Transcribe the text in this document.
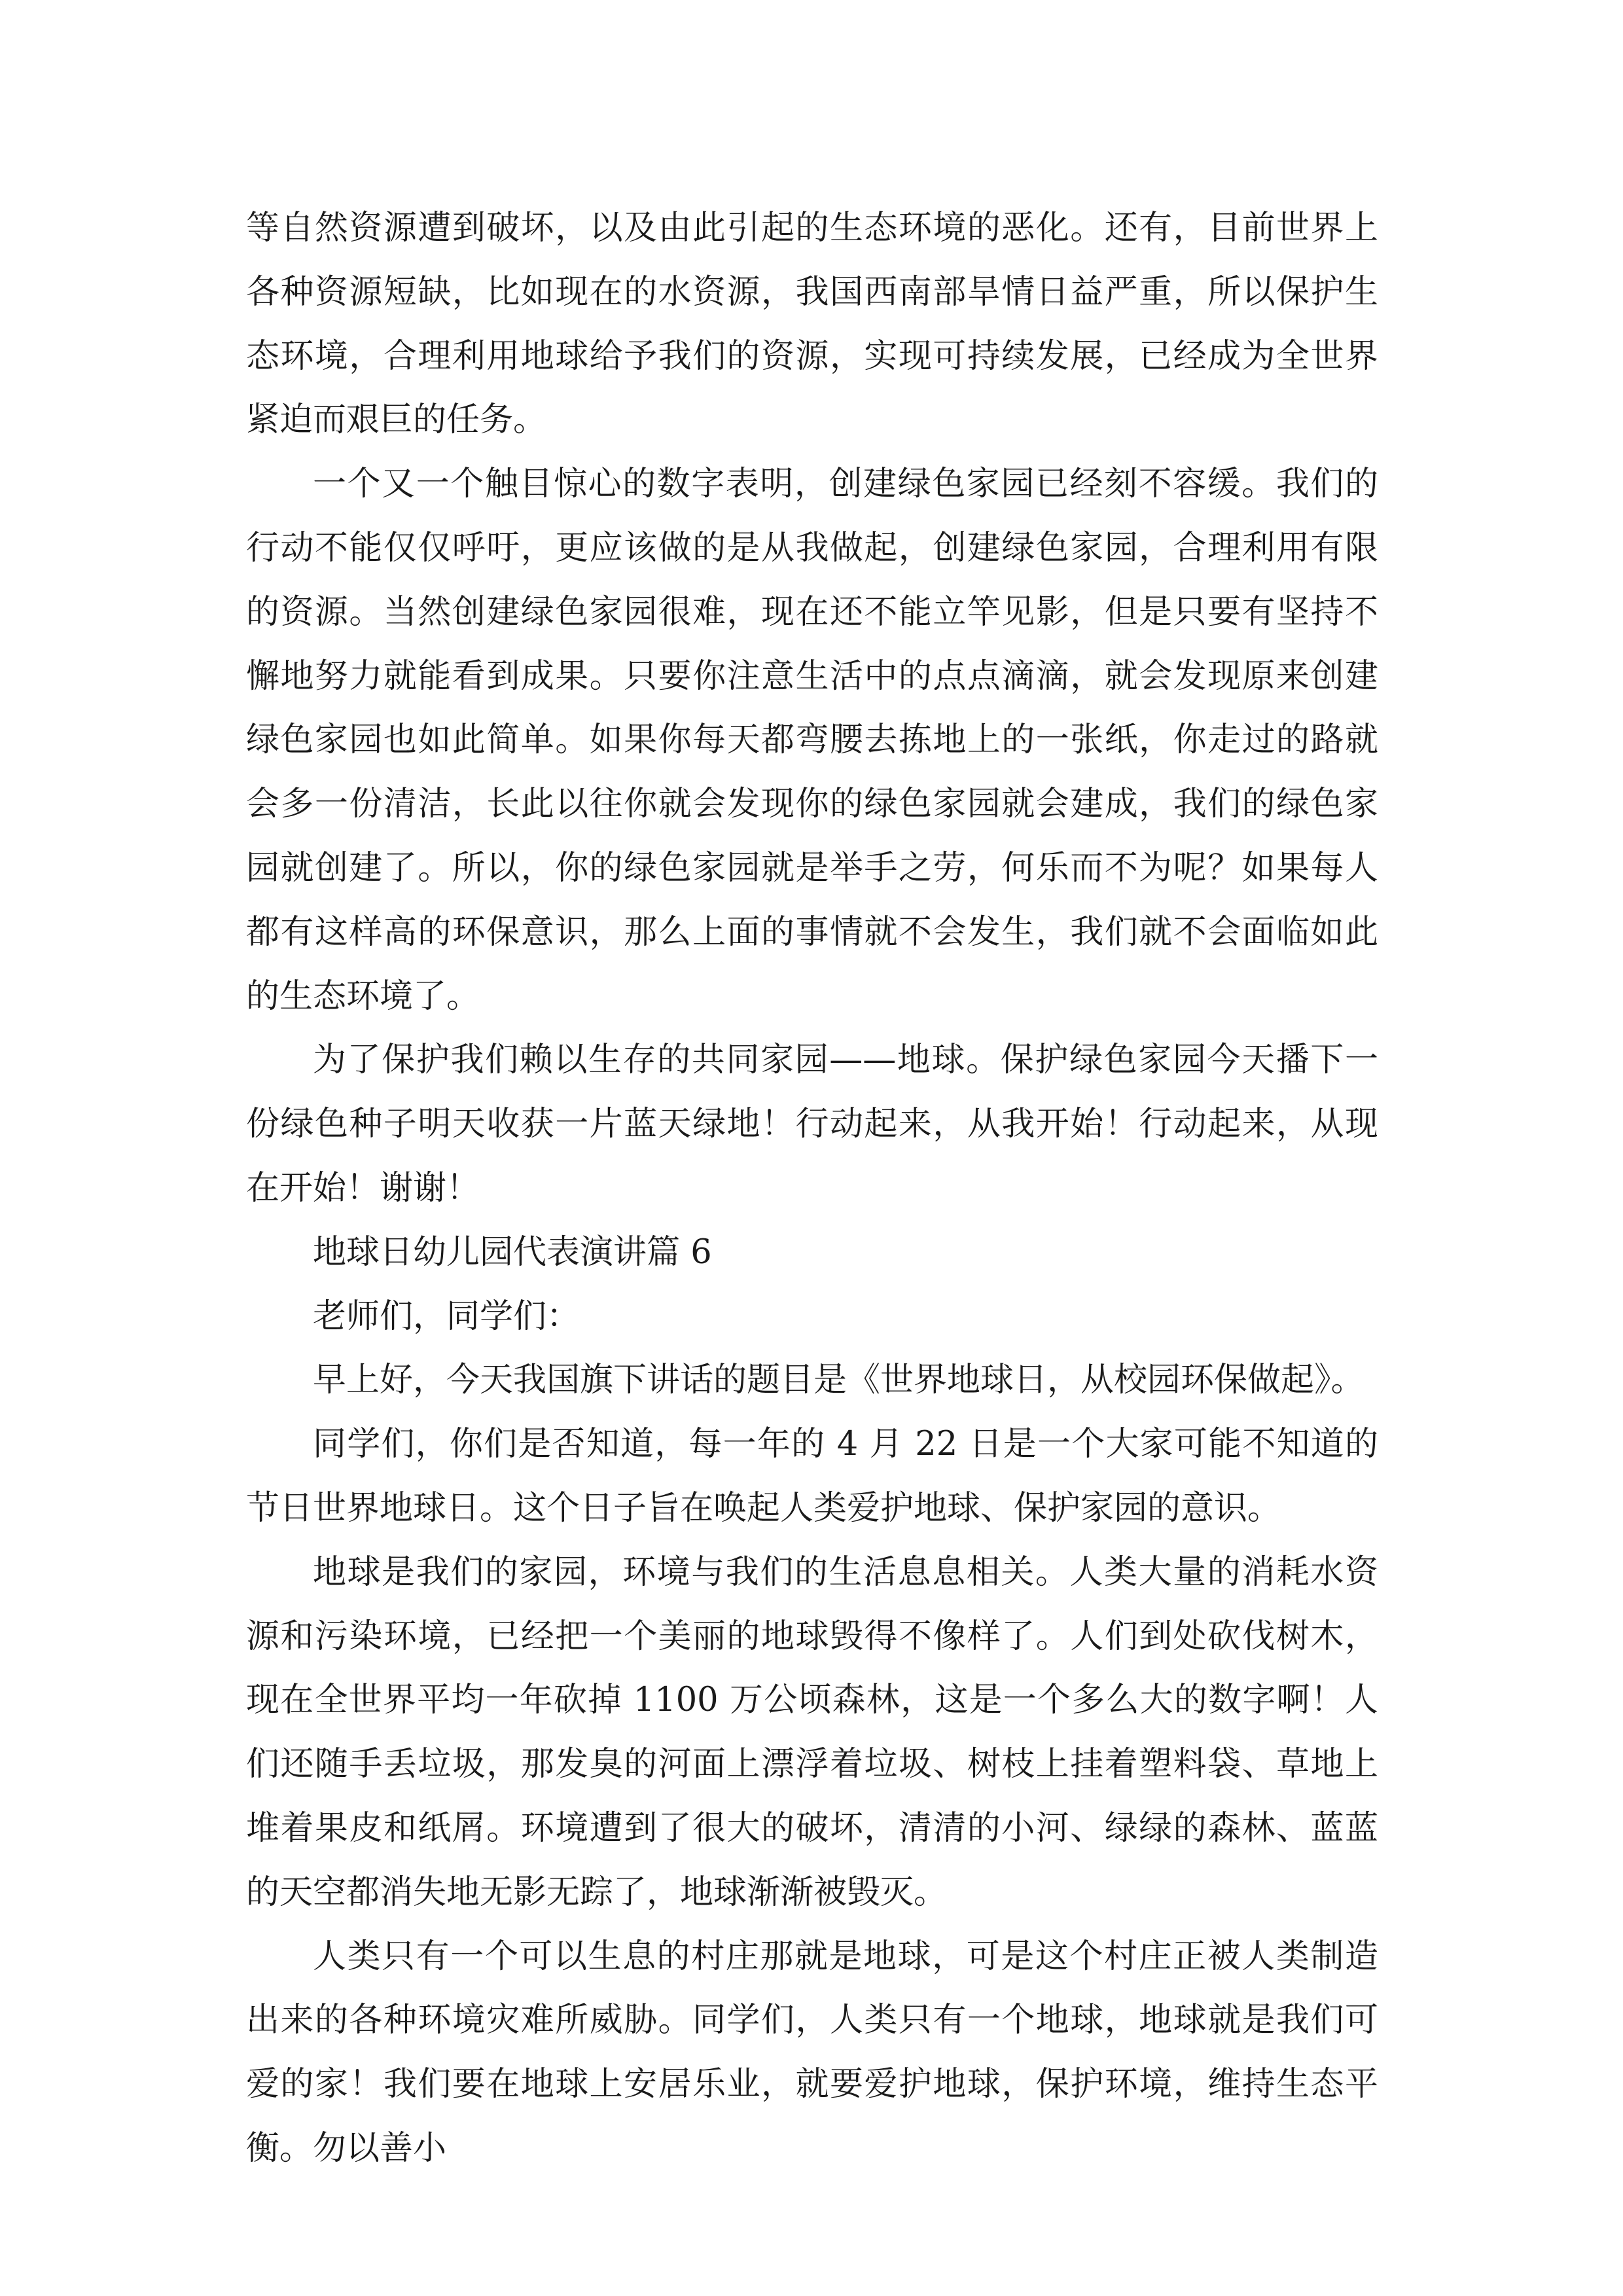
等自然资源遭到破坏，以及由此引起的生态环境的恶化。还有，目前世界上各种资源短缺，比如现在的水资源，我国西南部旱情日益严重，所以保护生态环境，合理利用地球给予我们的资源，实现可持续发展，已经成为全世界紧迫而艰巨的任务。

一个又一个触目惊心的数字表明，创建绿色家园已经刻不容缓。我们的行动不能仅仅呼吁，更应该做的是从我做起，创建绿色家园，合理利用有限的资源。当然创建绿色家园很难，现在还不能立竿见影，但是只要有坚持不懈地努力就能看到成果。只要你注意生活中的点点滴滴，就会发现原来创建绿色家园也如此简单。如果你每天都弯腰去拣地上的一张纸，你走过的路就会多一份清洁，长此以往你就会发现你的绿色家园就会建成，我们的绿色家园就创建了。所以，你的绿色家园就是举手之劳，何乐而不为呢？如果每人都有这样高的环保意识，那么上面的事情就不会发生，我们就不会面临如此的生态环境了。

为了保护我们赖以生存的共同家园——地球。保护绿色家园今天播下一份绿色种子明天收获一片蓝天绿地！行动起来，从我开始！行动起来，从现在开始！谢谢！

地球日幼儿园代表演讲篇 6

老师们，同学们：

早上好，今天我国旗下讲话的题目是《世界地球日，从校园环保做起》。

同学们，你们是否知道，每一年的 4 月 22 日是一个大家可能不知道的节日世界地球日。这个日子旨在唤起人类爱护地球、保护家园的意识。

地球是我们的家园，环境与我们的生活息息相关。人类大量的消耗水资源和污染环境，已经把一个美丽的地球毁得不像样了。人们到处砍伐树木，现在全世界平均一年砍掉 1100 万公顷森林，这是一个多么大的数字啊！人们还随手丢垃圾，那发臭的河面上漂浮着垃圾、树枝上挂着塑料袋、草地上堆着果皮和纸屑。环境遭到了很大的破坏，清清的小河、绿绿的森林、蓝蓝的天空都消失地无影无踪了，地球渐渐被毁灭。

人类只有一个可以生息的村庄那就是地球，可是这个村庄正被人类制造出来的各种环境灾难所威胁。同学们，人类只有一个地球，地球就是我们可爱的家！我们要在地球上安居乐业，就要爱护地球，保护环境，维持生态平衡。勿以善小
